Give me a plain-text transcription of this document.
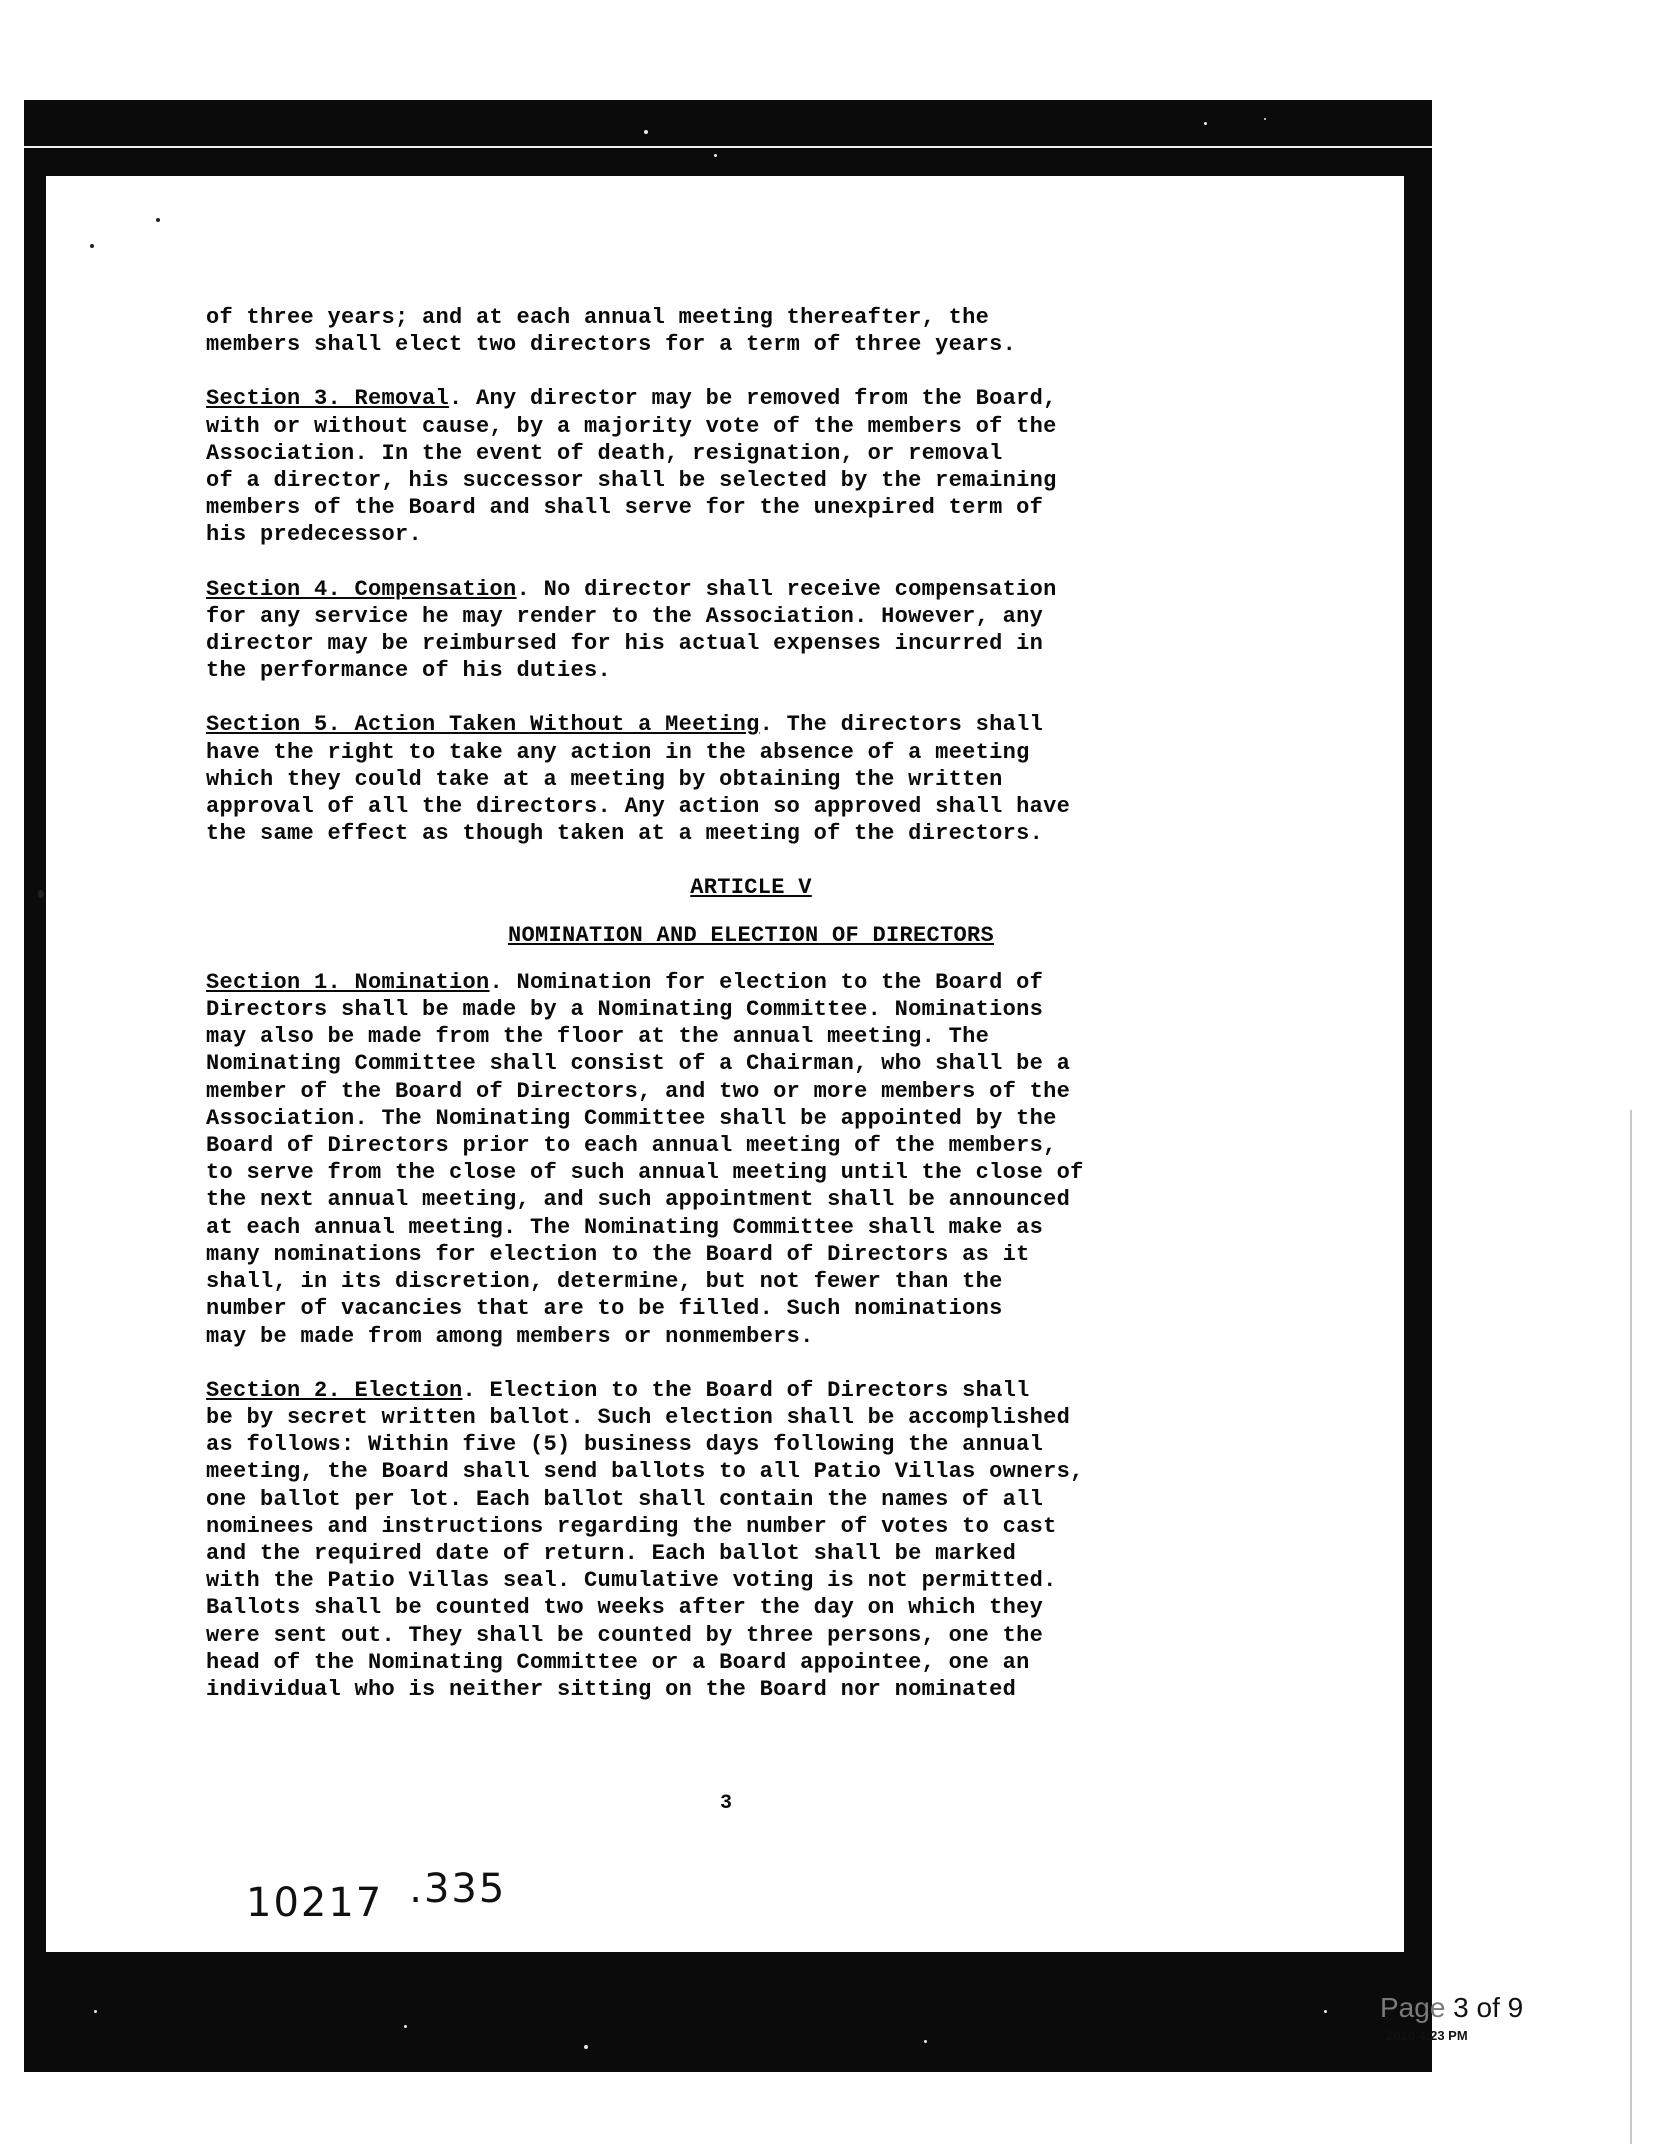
of three years; and at each annual meeting thereafter, the
members shall elect two directors for a term of three years.
Section 3. Removal. Any director may be removed from the Board,
with or without cause, by a majority vote of the members of the
Association. In the event of death, resignation, or removal
of a director, his successor shall be selected by the remaining
members of the Board and shall serve for the unexpired term of
his predecessor.
Section 4. Compensation. No director shall receive compensation
for any service he may render to the Association. However, any
director may be reimbursed for his actual expenses incurred in
the performance of his duties.
Section 5. Action Taken Without a Meeting. The directors shall
have the right to take any action in the absence of a meeting
which they could take at a meeting by obtaining the written
approval of all the directors. Any action so approved shall have
the same effect as though taken at a meeting of the directors.
ARTICLE V
NOMINATION AND ELECTION OF DIRECTORS
Section 1. Nomination. Nomination for election to the Board of
Directors shall be made by a Nominating Committee. Nominations
may also be made from the floor at the annual meeting. The
Nominating Committee shall consist of a Chairman, who shall be a
member of the Board of Directors, and two or more members of the
Association. The Nominating Committee shall be appointed by the
Board of Directors prior to each annual meeting of the members,
to serve from the close of such annual meeting until the close of
the next annual meeting, and such appointment shall be announced
at each annual meeting. The Nominating Committee shall make as
many nominations for election to the Board of Directors as it
shall, in its discretion, determine, but not fewer than the
number of vacancies that are to be filled. Such nominations
may be made from among members or nonmembers.
Section 2. Election. Election to the Board of Directors shall
be by secret written ballot. Such election shall be accomplished
as follows: Within five (5) business days following the annual
meeting, the Board shall send ballots to all Patio Villas owners,
one ballot per lot. Each ballot shall contain the names of all
nominees and instructions regarding the number of votes to cast
and the required date of return. Each ballot shall be marked
with the Patio Villas seal. Cumulative voting is not permitted.
Ballots shall be counted two weeks after the day on which they
were sent out. They shall be counted by three persons, one the
head of the Nominating Committee or a Board appointee, one an
individual who is neither sitting on the Board nor nominated
3
10217 .335
Page 3 of 9
2010 4:23 PM
